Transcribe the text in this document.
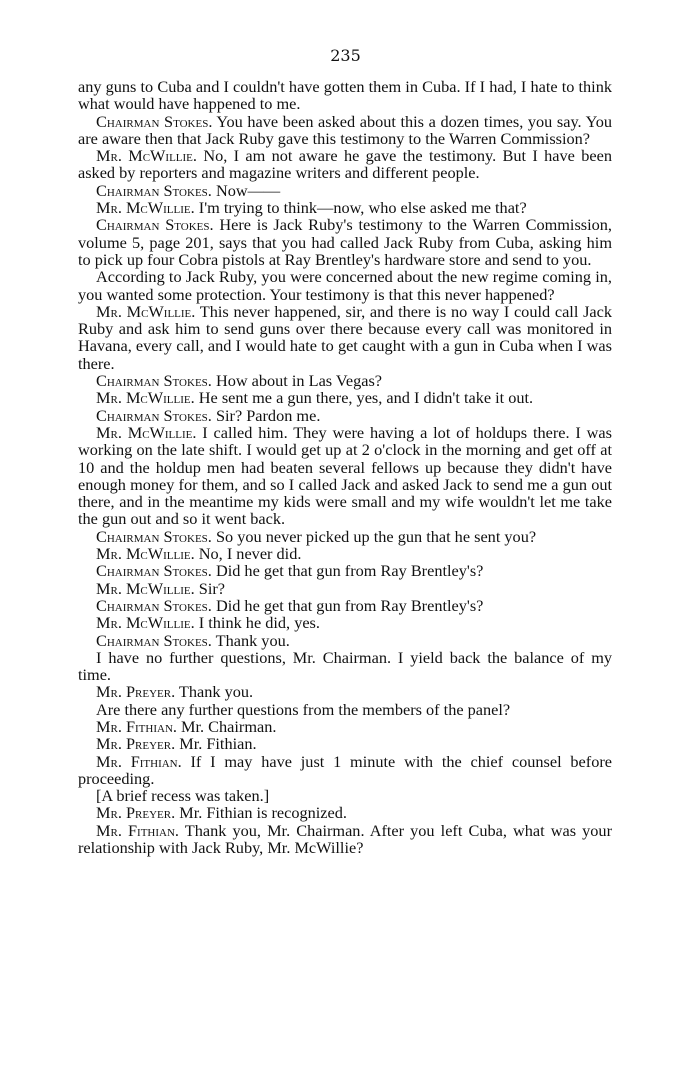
235

any guns to Cuba and I couldn't have gotten them in Cuba. If I had, I hate to think what would have happened to me.

Chairman Stokes. You have been asked about this a dozen times, you say. You are aware then that Jack Ruby gave this testimony to the Warren Commission?

Mr. McWillie. No, I am not aware he gave the testimony. But I have been asked by reporters and magazine writers and different people.

Chairman Stokes. Now——

Mr. McWillie. I'm trying to think—now, who else asked me that?

Chairman Stokes. Here is Jack Ruby's testimony to the Warren Commission, volume 5, page 201, says that you had called Jack Ruby from Cuba, asking him to pick up four Cobra pistols at Ray Brentley's hardware store and send to you.

According to Jack Ruby, you were concerned about the new regime coming in, you wanted some protection. Your testimony is that this never happened?

Mr. McWillie. This never happened, sir, and there is no way I could call Jack Ruby and ask him to send guns over there because every call was monitored in Havana, every call, and I would hate to get caught with a gun in Cuba when I was there.

Chairman Stokes. How about in Las Vegas?

Mr. McWillie. He sent me a gun there, yes, and I didn't take it out.

Chairman Stokes. Sir? Pardon me.

Mr. McWillie. I called him. They were having a lot of holdups there. I was working on the late shift. I would get up at 2 o'clock in the morning and get off at 10 and the holdup men had beaten several fellows up because they didn't have enough money for them, and so I called Jack and asked Jack to send me a gun out there, and in the meantime my kids were small and my wife wouldn't let me take the gun out and so it went back.

Chairman Stokes. So you never picked up the gun that he sent you?

Mr. McWillie. No, I never did.

Chairman Stokes. Did he get that gun from Ray Brentley's?

Mr. McWillie. Sir?

Chairman Stokes. Did he get that gun from Ray Brentley's?

Mr. McWillie. I think he did, yes.

Chairman Stokes. Thank you.

I have no further questions, Mr. Chairman. I yield back the balance of my time.

Mr. Preyer. Thank you.

Are there any further questions from the members of the panel?

Mr. Fithian. Mr. Chairman.

Mr. Preyer. Mr. Fithian.

Mr. Fithian. If I may have just 1 minute with the chief counsel before proceeding.

[A brief recess was taken.]

Mr. Preyer. Mr. Fithian is recognized.

Mr. Fithian. Thank you, Mr. Chairman. After you left Cuba, what was your relationship with Jack Ruby, Mr. McWillie?
